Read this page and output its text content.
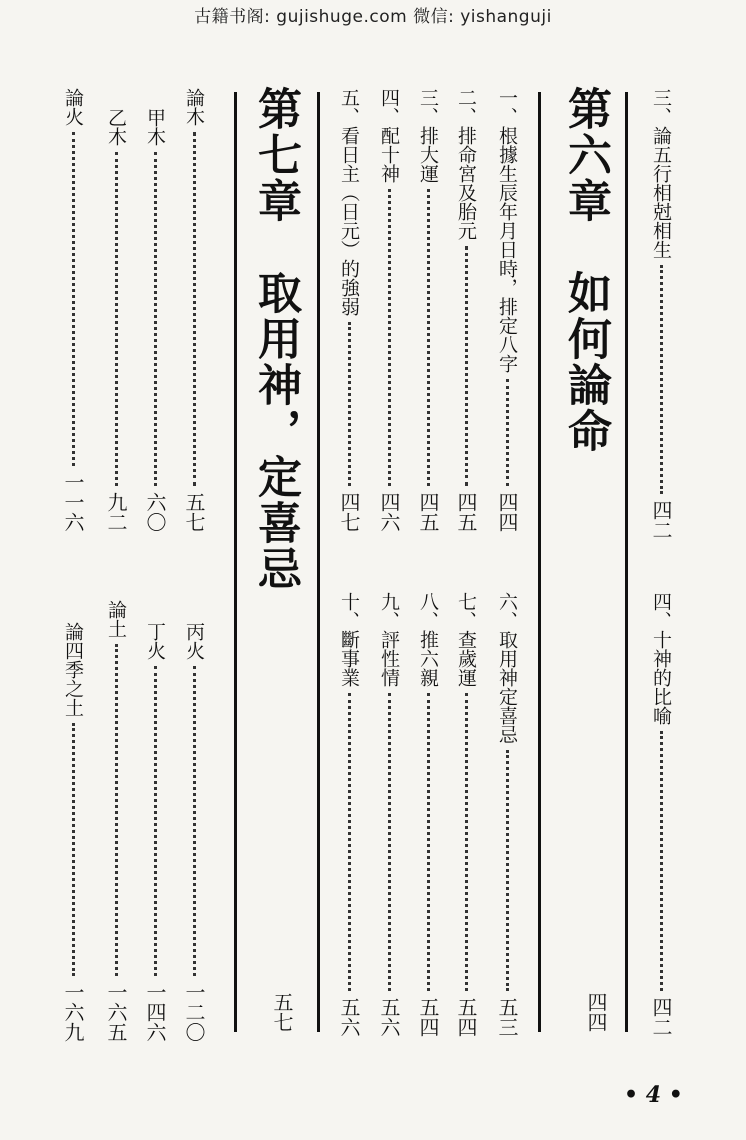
古籍书阁: gujishuge.com 微信: yishanguji
三、論五行相尅相生
四二
四、十神的比喻
四二
第六章　如何論命
四四
一、根據生辰年月日時，排定八字
四四
二、排命宮及胎元
四五
三、排大運
四五
四、配十神
四六
五、看日主（日元）的強弱
四七
六、取用神定喜忌
五三
七、查歲運
五四
八、推六親
五四
九、評性情
五六
十、斷事業
五六
第七章　取用神，定喜忌
五七
論木
五七
甲木
六〇
乙木
九二
論火
一一六
丙火
一二〇
丁火
一四六
論土
一六五
論四季之土
一六九
• 4 •
